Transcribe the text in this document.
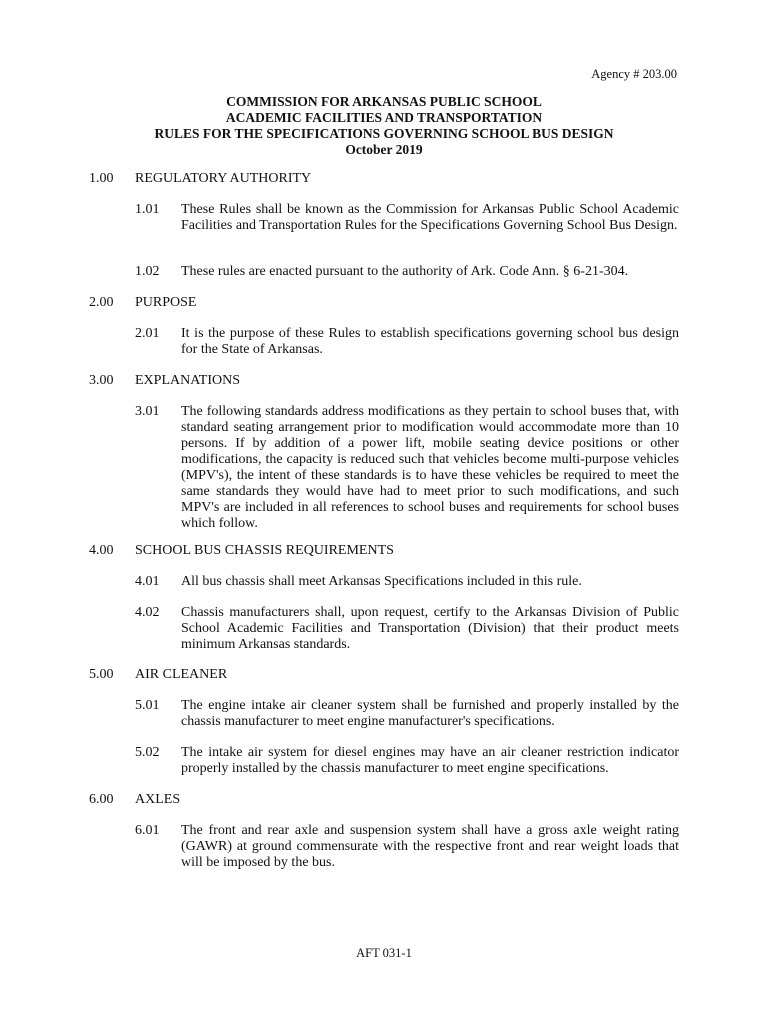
Agency # 203.00
COMMISSION FOR ARKANSAS PUBLIC SCHOOL
ACADEMIC FACILITIES AND TRANSPORTATION
RULES FOR THE SPECIFICATIONS GOVERNING SCHOOL BUS DESIGN
October 2019
1.00 REGULATORY AUTHORITY
1.01 These Rules shall be known as the Commission for Arkansas Public School Academic Facilities and Transportation Rules for the Specifications Governing School Bus Design.
1.02 These rules are enacted pursuant to the authority of Ark. Code Ann. § 6-21-304.
2.00 PURPOSE
2.01 It is the purpose of these Rules to establish specifications governing school bus design for the State of Arkansas.
3.00 EXPLANATIONS
3.01 The following standards address modifications as they pertain to school buses that, with standard seating arrangement prior to modification would accommodate more than 10 persons. If by addition of a power lift, mobile seating device positions or other modifications, the capacity is reduced such that vehicles become multi-purpose vehicles (MPV's), the intent of these standards is to have these vehicles be required to meet the same standards they would have had to meet prior to such modifications, and such MPV's are included in all references to school buses and requirements for school buses which follow.
4.00 SCHOOL BUS CHASSIS REQUIREMENTS
4.01 All bus chassis shall meet Arkansas Specifications included in this rule.
4.02 Chassis manufacturers shall, upon request, certify to the Arkansas Division of Public School Academic Facilities and Transportation (Division) that their product meets minimum Arkansas standards.
5.00 AIR CLEANER
5.01 The engine intake air cleaner system shall be furnished and properly installed by the chassis manufacturer to meet engine manufacturer's specifications.
5.02 The intake air system for diesel engines may have an air cleaner restriction indicator properly installed by the chassis manufacturer to meet engine specifications.
6.00 AXLES
6.01 The front and rear axle and suspension system shall have a gross axle weight rating (GAWR) at ground commensurate with the respective front and rear weight loads that will be imposed by the bus.
AFT 031-1
